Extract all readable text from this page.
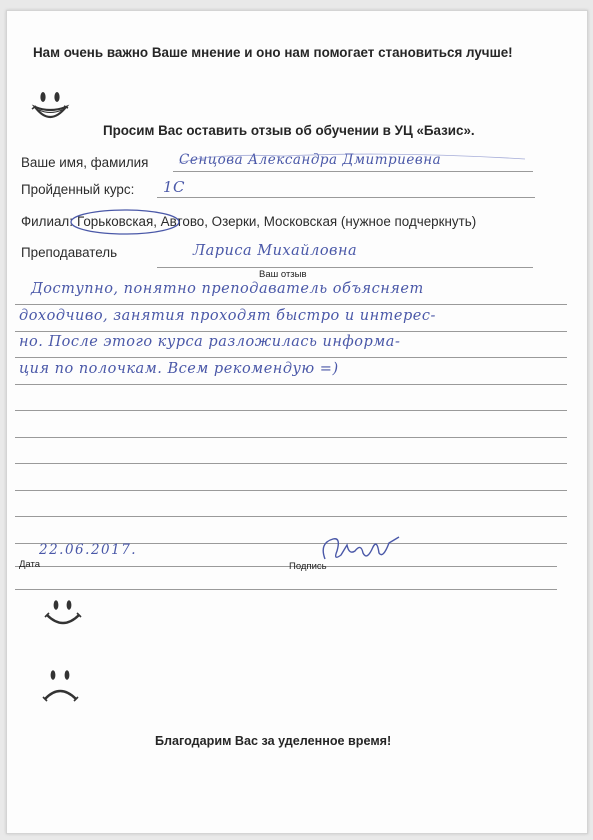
Нам очень важно Ваше мнение и оно нам помогает становиться лучше!
Просим Вас оставить отзыв об обучении в УЦ «Базис».
Ваше имя, фамилия Сенцова Александра Дмитриевна
Пройденный курс: 1С
Филиал: Горьковская, Автово, Озерки, Московская (нужное подчеркнуть)
Преподаватель	Лариса Михайловна
Ваш отзыв
Доступно, понятно преподаватель объясняет
доходчиво, занятия проходят быстро и интерес-
но. После этого курса разложилась информа-
ция по полочкам. Всем рекомендую =)
22.06.2017.
Дата	Подпись
Благодарим Вас за уделенное время!
